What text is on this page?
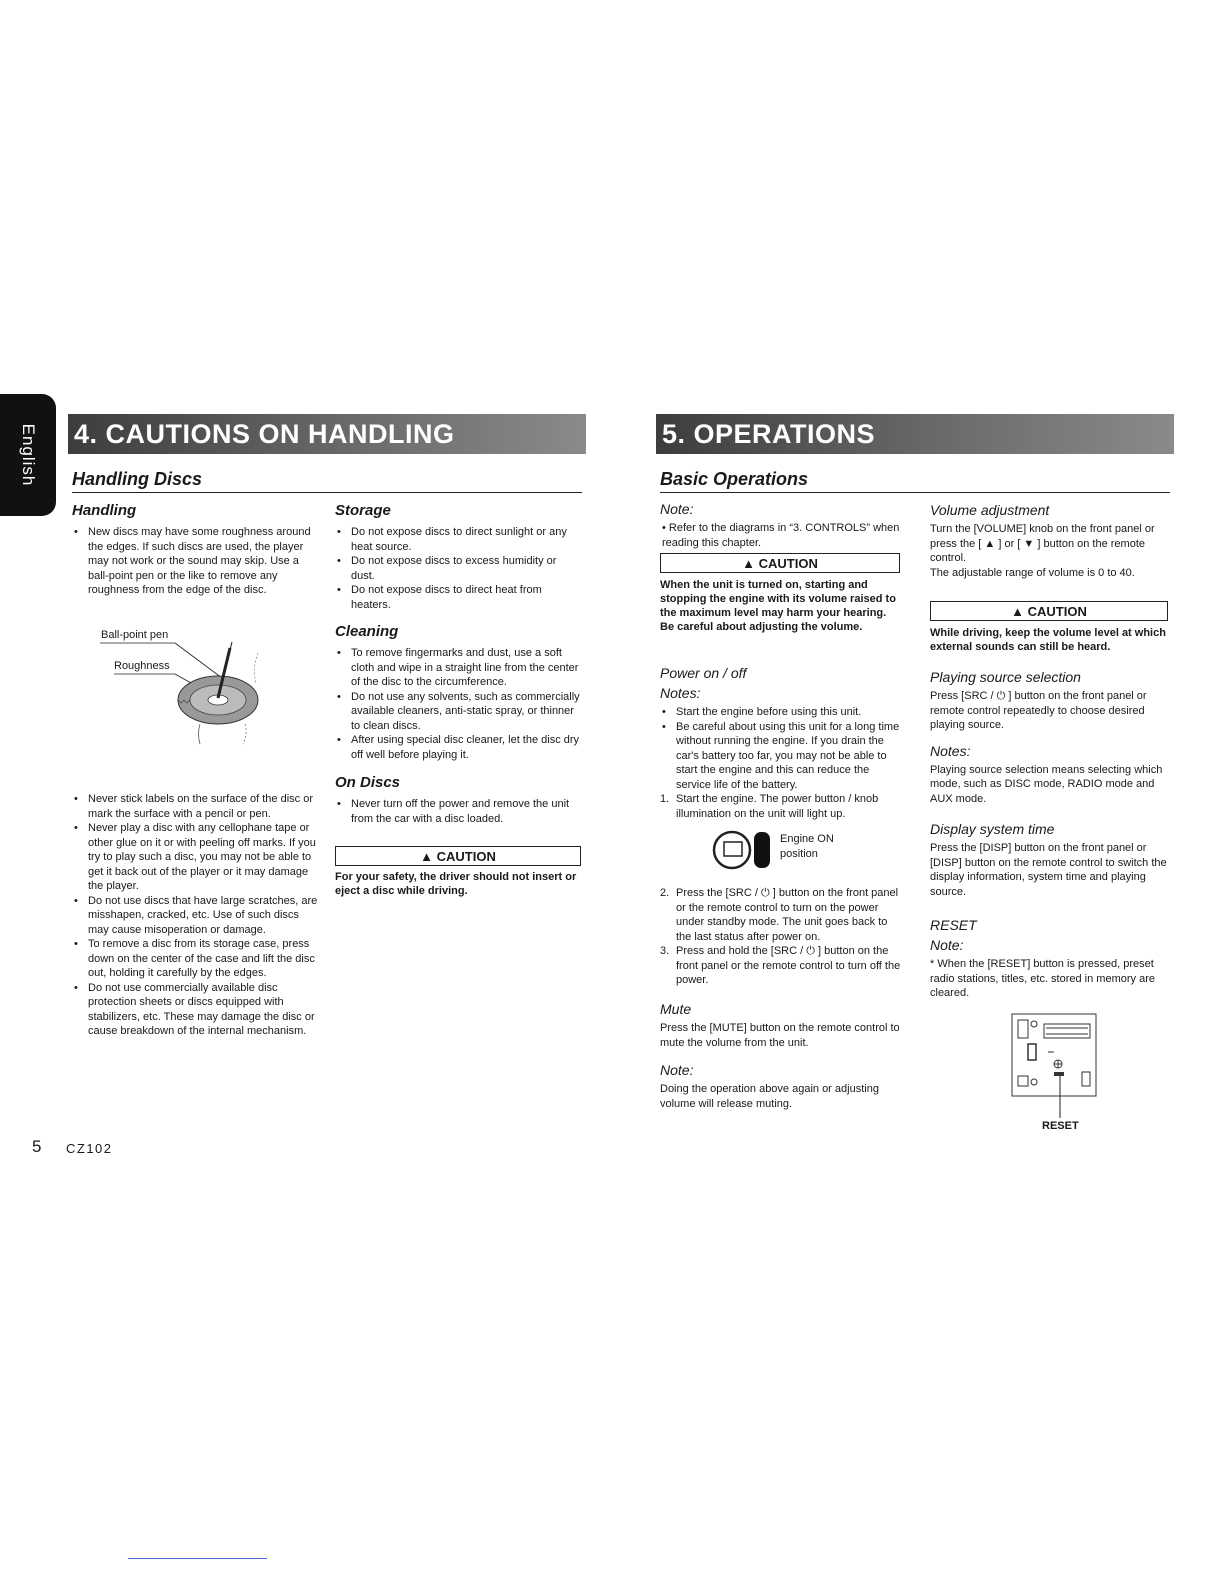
English 4. CAUTIONS ON HANDLING
Handling Discs
Handling
• New discs may have some roughness around the edges. If such discs are used, the player may not work or the sound may skip. Use a ball-point pen or the like to remove any roughness from the edge of the disc.
Ball-point pen
Roughness
• Never stick labels on the surface of the disc or mark the surface with a pencil or pen.
• Never play a disc with any cellophane tape or other glue on it or with peeling off marks. If you try to play such a disc, you may not be able to get it back out of the player or it may damage the player.
• Do not use discs that have large scratches, are misshapen, cracked, etc. Use of such discs may cause misoperation or damage.
• To remove a disc from its storage case, press down on the center of the case and lift the disc out, holding it carefully by the edges.
• Do not use commercially available disc protection sheets or discs equipped with stabilizers, etc. These may damage the disc or cause breakdown of the internal mechanism.
Storage
• Do not expose discs to direct sunlight or any heat source.
• Do not expose discs to excess humidity or dust.
• Do not expose discs to direct heat from heaters.
Cleaning
• To remove fingermarks and dust, use a soft cloth and wipe in a straight line from the center of the disc to the circumference.
• Do not use any solvents, such as commercially available cleaners, anti-static spray, or thinner to clean discs.
• After using special disc cleaner, let the disc dry off well before playing it.
On Discs
• Never turn off the power and remove the unit from the car with a disc loaded.
▲ CAUTION
For your safety, the driver should not insert or eject a disc while driving.
5. OPERATIONS
Basic Operations
Note:
• Refer to the diagrams in “3. CONTROLS” when reading this chapter.
▲ CAUTION
When the unit is turned on, starting and stopping the engine with its volume raised to the maximum level may harm your hearing.
Be careful about adjusting the volume.
Power on / off
Notes:
• Start the engine before using this unit.
• Be careful about using this unit for a long time without running the engine. If you drain the car's battery too far, you may not be able to start the engine and this can reduce the service life of the battery.
1. Start the engine. The power button / knob illumination on the unit will light up.
Engine ON position
2. Press the [SRC / ⏻ ] button on the front panel or the remote control to turn on the power under standby mode. The unit goes back to the last status after power on.
3. Press and hold the [SRC / ⏻ ] button on the front panel or the remote control to turn off the power.
Mute
Press the [MUTE] button on the remote control to mute the volume from the unit.
Note:
Doing the operation above again or adjusting volume will release muting.
Volume adjustment
Turn the [VOLUME] knob on the front panel or press the [ ▲ ] or [ ▼ ] button on the remote control.
The adjustable range of volume is 0 to 40.
▲ CAUTION
While driving, keep the volume level at which external sounds can still be heard.
Playing source selection
Press [SRC / ⏻ ] button on the front panel or remote control repeatedly to choose desired playing source.
Notes:
Playing source selection means selecting which mode, such as DISC mode, RADIO mode and AUX mode.
Display system time
Press the [DISP] button on the front panel or [DISP] button on the remote control to switch the display information, system time and playing source.
RESET
Note:
* When the [RESET] button is pressed, preset radio stations, titles, etc. stored in memory are cleared.
RESET
5 CZ102
